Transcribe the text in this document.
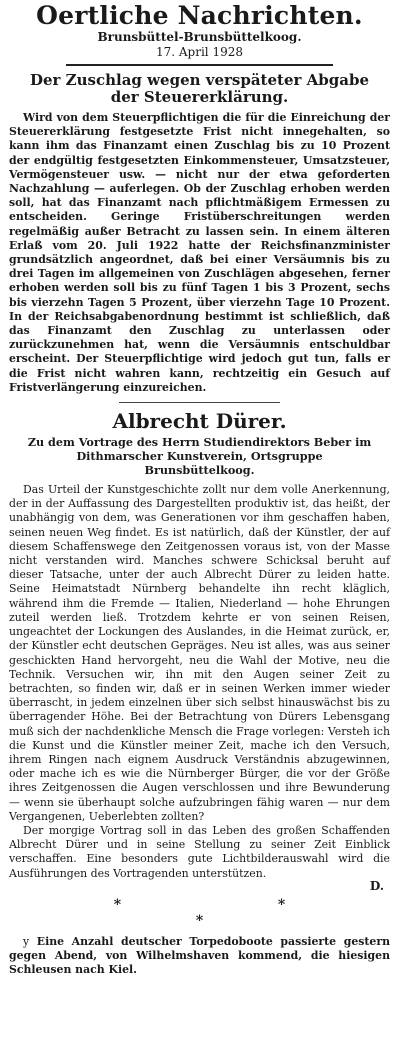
Oertliche Nachrichten.
Brunsbüttel-Brunsbüttelkoog.
17. April 1928
Der Zuschlag wegen verspäteter Abgabe
der Steuererklärung.

Wird von dem Steuerpflichtigen die für die Einreichung der Steuererklärung festgesetzte Frist nicht innegehalten, so kann ihm das Finanzamt einen Zuschlag bis zu 10 Prozent der endgültig festgesetzten Einkommensteuer, Umsatzsteuer, Vermögensteuer usw. — nicht nur der etwa geforderten Nachzahlung — auferlegen. Ob der Zuschlag erhoben werden soll, hat das Finanzamt nach pflichtmäßigem Ermessen zu entscheiden. Geringe Fristüberschreitungen werden regelmäßig außer Betracht zu lassen sein. In einem älteren Erlaß vom 20. Juli 1922 hatte der Reichsfinanzminister grundsätzlich angeordnet, daß bei einer Versäumnis bis zu drei Tagen im allgemeinen von Zuschlägen abgesehen, ferner erhoben werden soll bis zu fünf Tagen 1 bis 3 Prozent, sechs bis vierzehn Tagen 5 Prozent, über vierzehn Tage 10 Prozent. In der Reichsabgabenordnung bestimmt ist schließlich, daß das Finanzamt den Zuschlag zu unterlassen oder zurückzunehmen hat, wenn die Versäumnis entschuldbar erscheint. Der Steuerpflichtige wird jedoch gut tun, falls er die Frist nicht wahren kann, rechtzeitig ein Gesuch auf Fristverlängerung einzureichen.

Albrecht Dürer.
Zu dem Vortrage des Herrn Studiendirektors Beber im Dithmarscher Kunstverein, Ortsgruppe Brunsbüttelkoog.

Das Urteil der Kunstgeschichte zollt nur dem volle Anerkennung, der in der Auffassung des Dargestellten produktiv ist, das heißt, der unabhängig von dem, was Generationen vor ihm geschaffen haben, seinen neuen Weg findet. Es ist natürlich, daß der Künstler, der auf diesem Schaffenswege den Zeitgenossen voraus ist, von der Masse nicht verstanden wird. Manches schwere Schicksal beruht auf dieser Tatsache, unter der auch Albrecht Dürer zu leiden hatte. Seine Heimatstadt Nürnberg behandelte ihn recht kläglich, während ihm die Fremde — Italien, Niederland — hohe Ehrungen zuteil werden ließ. Trotzdem kehrte er von seinen Reisen, ungeachtet der Lockungen des Auslandes, in die Heimat zurück, er, der Künstler echt deutschen Gepräges. Neu ist alles, was aus seiner geschickten Hand hervorgeht, neu die Wahl der Motive, neu die Technik. Versuchen wir, ihn mit den Augen seiner Zeit zu betrachten, so finden wir, daß er in seinen Werken immer wieder überrascht, in jedem einzelnen über sich selbst hinauswächst bis zu überragender Höhe. Bei der Betrachtung von Dürers Lebensgang muß sich der nachdenkliche Mensch die Frage vorlegen: Versteh ich die Kunst und die Künstler meiner Zeit, mache ich den Versuch, ihrem Ringen nach eignem Ausdruck Verständnis abzugewinnen, oder mache ich es wie die Nürnberger Bürger, die vor der Größe ihres Zeitgenossen die Augen verschlossen und ihre Bewunderung — wenn sie überhaupt solche aufzubringen fähig waren — nur dem Vergangenen, Ueberlebten zollten?

Der morgige Vortrag soll in das Leben des großen Schaffenden Albrecht Dürer und in seine Stellung zu seiner Zeit Einblick verschaffen. Eine besonders gute Lichtbilderauswahl wird die Ausführungen des Vortragenden unterstützen.

D.
* * *
y Eine Anzahl deutscher Torpedoboote passierte gestern gegen Abend, von Wilhelmshaven kommend, die hiesigen Schleusen nach Kiel.
